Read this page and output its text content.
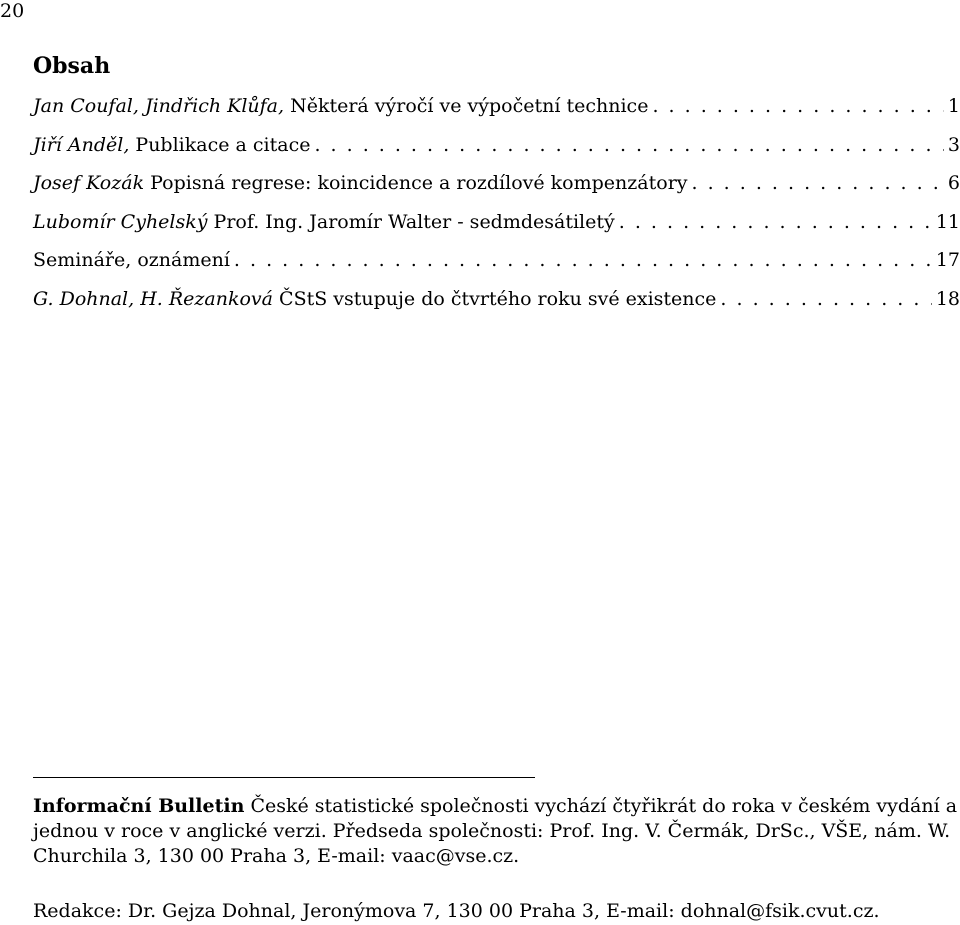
20
Obsah
Jan Coufal, Jindřich Klůfa, Některá výročí ve výpočetní technice . . .	1
Jiří Anděl, Publikace a citace . . .	3
Josef Kozák Popisná regrese: koincidence a rozdílové kompenzátory . . .	6
Lubomír Cyhelský Prof. Ing. Jaromír Walter - sedmdesátiletý . . .	11
Semináře, oznámení . . .	17
G. Dohnal, H. Řezanková ČStS vstupuje do čtvrtého roku své existence . . .	18
Informační Bulletin České statistické společnosti vychází čtyřikrát do roka v českém vydání a jednou v roce v anglické verzi. Předseda společnosti: Prof. Ing. V. Čermák, DrSc., VŠE, nám. W. Churchila 3, 130 00 Praha 3, E-mail: vaac@vse.cz.
Redakce: Dr. Gejza Dohnal, Jeronýmova 7, 130 00 Praha 3, E-mail: dohnal@fsik.cvut.cz.
